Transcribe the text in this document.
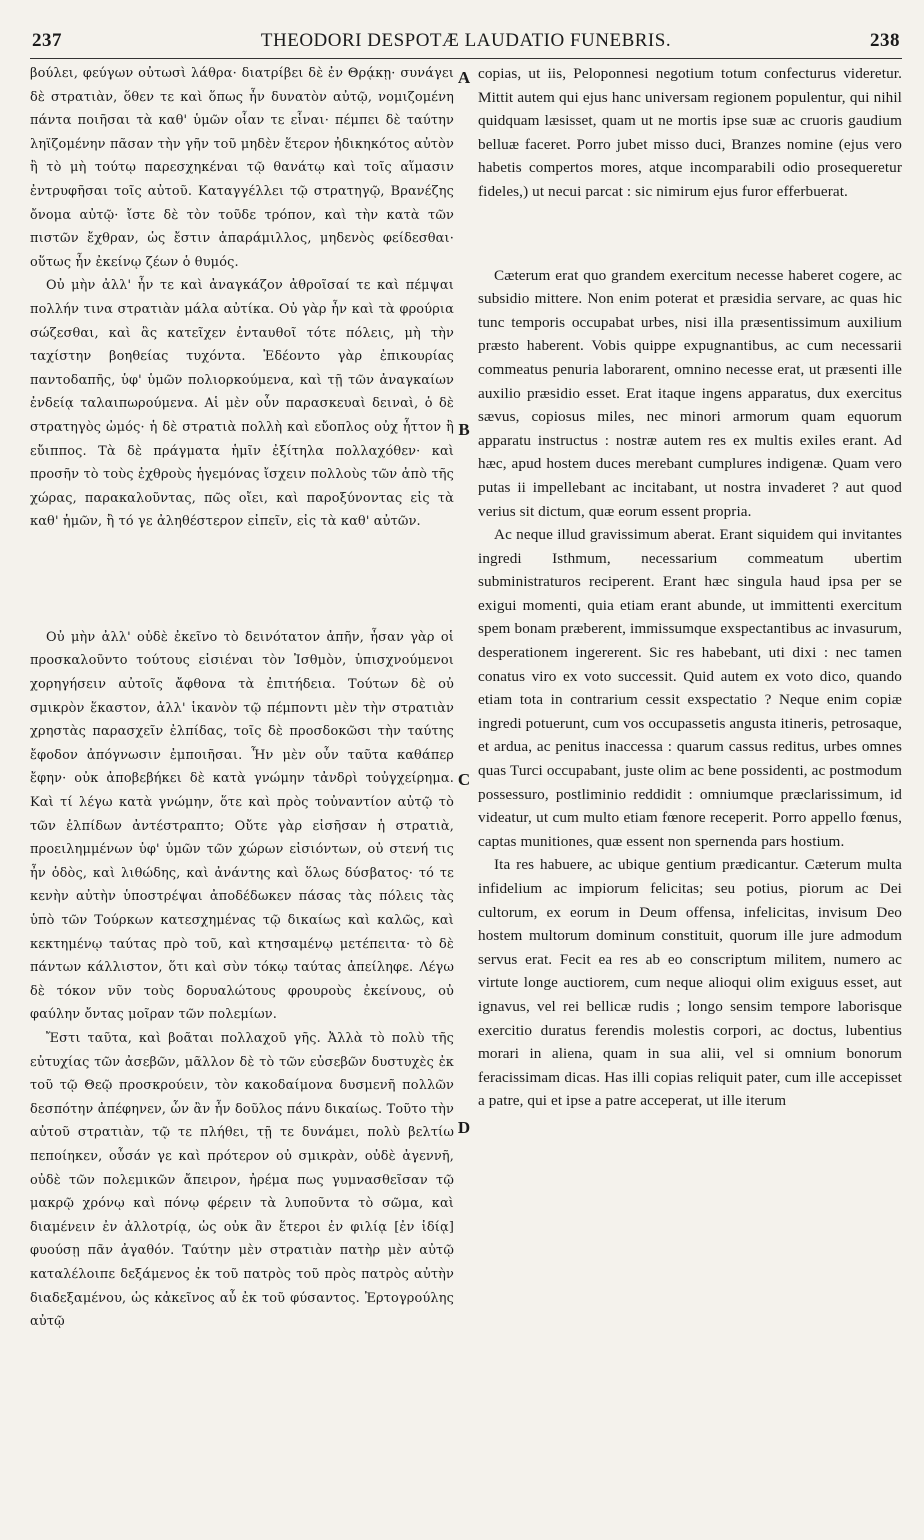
237	THEODORI DESPOTÆ LAUDATIO FUNEBRIS.	238

βούλει, φεύγων οὐτωσὶ λάθρα· διατρίβει δὲ ἐν Θρᾴκῃ· συνάγει δὲ στρατιὰν, ὅθεν τε καὶ ὅπως ἦν δυνατὸν αὐτῷ, νομιζομένη πάντα ποιῆσαι τὰ καθ' ὑμῶν οἷαν τε εἶναι· πέμπει δὲ ταύτην ληϊζομένην πᾶσαν τὴν γῆν τοῦ μηδὲν ἕτερον ἠδικηκότος αὐτὸν ἢ τὸ μὴ τούτῳ παρεσχηκέναι τῷ θανάτῳ καὶ τοῖς αἵμασιν ἐντρυφῆσαι τοῖς αὐτοῦ. Καταγγέλλει τῷ στρατηγῷ, Βρανέζης ὄνομα αὐτῷ· ἴστε δὲ τὸν τοῦδε τρόπον, καὶ τὴν κατὰ τῶν πιστῶν ἔχθραν, ὡς ἔστιν ἀπαράμιλλος, μηδενὸς φείδεσθαι· οὕτως ἦν ἐκείνῳ ζέων ὁ θυμός.

Οὐ μὴν ἀλλ' ἦν τε καὶ ἀναγκάζον ἀθροῖσαί τε καὶ πέμψαι πολλήν τινα στρατιὰν μάλα αὐτίκα. Οὐ γὰρ ἦν καὶ τὰ φρούρια σώζεσθαι, καὶ ἃς κατεῖχεν ἐνταυθοῖ τότε πόλεις, μὴ τὴν ταχίστην βοηθείας τυχόντα. Ἐδέοντο γὰρ ἐπικουρίας παντοδαπῆς, ὑφ' ὑμῶν πολιορκούμενα, καὶ τῇ τῶν ἀναγκαίων ἐνδείᾳ ταλαιπωρούμενα. Αἱ μὲν οὖν παρασκευαὶ δειναὶ, ὁ δὲ στρατηγὸς ὠμός· ἡ δὲ στρατιὰ πολλὴ καὶ εὔοπλος οὐχ ἧττον ἢ εὔιππος. Τὰ δὲ πράγματα ἡμῖν ἐξίτηλα πολλαχόθεν· καὶ προσῆν τὸ τοὺς ἐχθροὺς ἡγεμόνας ἴσχειν πολλοὺς τῶν ἀπὸ τῆς χώρας, παρακαλοῦντας, πῶς οἴει, καὶ παροξύνοντας εἰς τὰ καθ' ἡμῶν, ἢ τό γε ἀληθέστερον εἰπεῖν, εἰς τὰ καθ' αὐτῶν.

Οὐ μὴν ἀλλ' οὐδὲ ἐκεῖνο τὸ δεινότατον ἀπῆν, ἦσαν γὰρ οἱ προσκαλοῦντο τούτους εἰσιέναι τὸν Ἰσθμὸν, ὑπισχνούμενοι χορηγήσειν αὐτοῖς ἄφθονα τὰ ἐπιτήδεια. Τούτων δὲ οὐ σμικρὸν ἕκαστον, ἀλλ' ἱκανὸν τῷ πέμποντι μὲν τὴν στρατιὰν χρηστὰς παρασχεῖν ἐλπίδας, τοῖς δὲ προσδοκῶσι τὴν ταύτης ἔφοδον ἀπόγνωσιν ἐμποιῆσαι. Ἦν μὲν οὖν ταῦτα καθάπερ ἔφην· οὐκ ἀποβεβήκει δὲ κατὰ γνώμην τἀνδρὶ τοὐγχείρημα. Καὶ τί λέγω κατὰ γνώμην, ὅτε καὶ πρὸς τοὐναντίον αὐτῷ τὸ τῶν ἐλπίδων ἀντέστραπτο; Οὔτε γὰρ εἰσῆσαν ἡ στρατιὰ, προειλημμένων ὑφ' ὑμῶν τῶν χώρων εἰσιόντων, οὐ στενή τις ἦν ὁδὸς, καὶ λιθώδης, καὶ ἀνάντης καὶ ὅλως δύσβατος· τό τε κενὴν αὐτὴν ὑποστρέψαι ἀποδέδωκεν πάσας τὰς πόλεις τὰς ὑπὸ τῶν Τούρκων κατεσχημένας τῷ δικαίως καὶ καλῶς, καὶ κεκτημένῳ ταύτας πρὸ τοῦ, καὶ κτησαμένῳ μετέπειτα· τὸ δὲ πάντων κάλλιστον, ὅτι καὶ σὺν τόκῳ ταύτας ἀπείληφε. Λέγω δὲ τόκον νῦν τοὺς δορυαλώτους φρουροὺς ἐκείνους, οὐ φαύλην ὄντας μοῖραν τῶν πολεμίων.

Ἔστι ταῦτα, καὶ βοᾶται πολλαχοῦ γῆς. Ἀλλὰ τὸ πολὺ τῆς εὐτυχίας τῶν ἀσεβῶν, μᾶλλον δὲ τὸ τῶν εὐσεβῶν δυστυχὲς ἐκ τοῦ τῷ Θεῷ προσκρούειν, τὸν κακοδαίμονα δυσμενῆ πολλῶν δεσπότην ἀπέφηνεν, ὧν ἂν ἦν δοῦλος πάνυ δικαίως. Τοῦτο τὴν αὐτοῦ στρατιὰν, τῷ τε πλήθει, τῇ τε δυνάμει, πολὺ βελτίω πεποίηκεν, οὖσάν γε καὶ πρότερον οὐ σμικρὰν, οὐδὲ ἀγεννῆ, οὐδὲ τῶν πολεμικῶν ἄπειρον, ἠρέμα πως γυμνασθεῖσαν τῷ μακρῷ χρόνῳ καὶ πόνῳ φέρειν τὰ λυποῦντα τὸ σῶμα, καὶ διαμένειν ἐν ἀλλοτρίᾳ, ὡς οὐκ ἂν ἕτεροι ἐν φιλίᾳ [ἐν ἰδίᾳ] φυούσῃ πᾶν ἀγαθόν. Ταύτην μὲν στρατιὰν πατὴρ μὲν αὐτῷ καταλέλοιπε δεξάμενος ἐκ τοῦ πατρὸς τοῦ πρὸς πατρὸς αὐτὴν διαδεξαμένου, ὡς κἀκεῖνος αὖ ἐκ τοῦ φύσαντος. Ἐρτογρούλης αὐτῷ

A
B
C
D

copias, ut iis, Peloponnesi negotium totum confecturus videretur. Mittit autem qui ejus hanc universam regionem populentur, qui nihil quidquam læsisset, quam ut ne mortis ipse suæ ac cruoris gaudium belluæ faceret. Porro jubet misso duci, Branzes nomine (ejus vero habetis compertos mores, atque incomparabili odio prosequeretur fideles,) ut necui parcat : sic nimirum ejus furor efferbuerat.

Cæterum erat quo grandem exercitum necesse haberet cogere, ac subsidio mittere. Non enim poterat et præsidia servare, ac quas hic tunc temporis occupabat urbes, nisi illa præsentissimum auxilium præsto haberent. Vobis quippe expugnantibus, ac cum necessarii commeatus penuria laborarent, omnino necesse erat, ut præsenti ille auxilio præsidio esset. Erat itaque ingens apparatus, dux exercitus sævus, copiosus miles, nec minori armorum quam equorum apparatu instructus : nostræ autem res ex multis exiles erant. Ad hæc, apud hostem duces merebant cumplures indigenæ. Quam vero putas ii impellebant ac incitabant, ut nostra invaderet ? aut quod verius sit dictum, quæ eorum essent propria.

Ac neque illud gravissimum aberat. Erant siquidem qui invitantes ingredi Isthmum, necessarium commeatum ubertim subministraturos reciperent. Erant hæc singula haud ipsa per se exigui momenti, quia etiam erant abunde, ut immittenti exercitum spem bonam præberent, immissumque exspectantibus ac invasurum, desperationem ingererent. Sic res habebant, uti dixi : nec tamen conatus viro ex voto successit. Quid autem ex voto dico, quando etiam tota in contrarium cessit exspectatio ? Neque enim copiæ ingredi potuerunt, cum vos occupassetis angusta itineris, petrosaque, et ardua, ac penitus inaccessa : quarum cassus reditus, urbes omnes quas Turci occupabant, juste olim ac bene possidenti, ac postmodum possessuro, postliminio reddidit : omniumque præclarissimum, id videatur, ut cum multo etiam fœnore receperit. Porro appello fœnus, captas munitiones, quæ essent non spernenda pars hostium.

Ita res habuere, ac ubique gentium prædicantur. Cæterum multa infidelium ac impiorum felicitas; seu potius, piorum ac Dei cultorum, ex eorum in Deum offensa, infelicitas, invisum Deo hostem multorum dominum constituit, quorum ille jure admodum servus erat. Fecit ea res ab eo conscriptum militem, numero ac virtute longe auctiorem, cum neque alioqui olim exiguus esset, aut ignavus, vel rei bellicæ rudis ; longo sensim tempore laborisque exercitio duratus ferendis molestis corpori, ac doctus, lubentius morari in aliena, quam in sua alii, vel si omnium bonorum feracissimam dicas. Has illi copias reliquit pater, cum ille accepisset a patre, qui et ipse a patre acceperat, ut ille iterum
